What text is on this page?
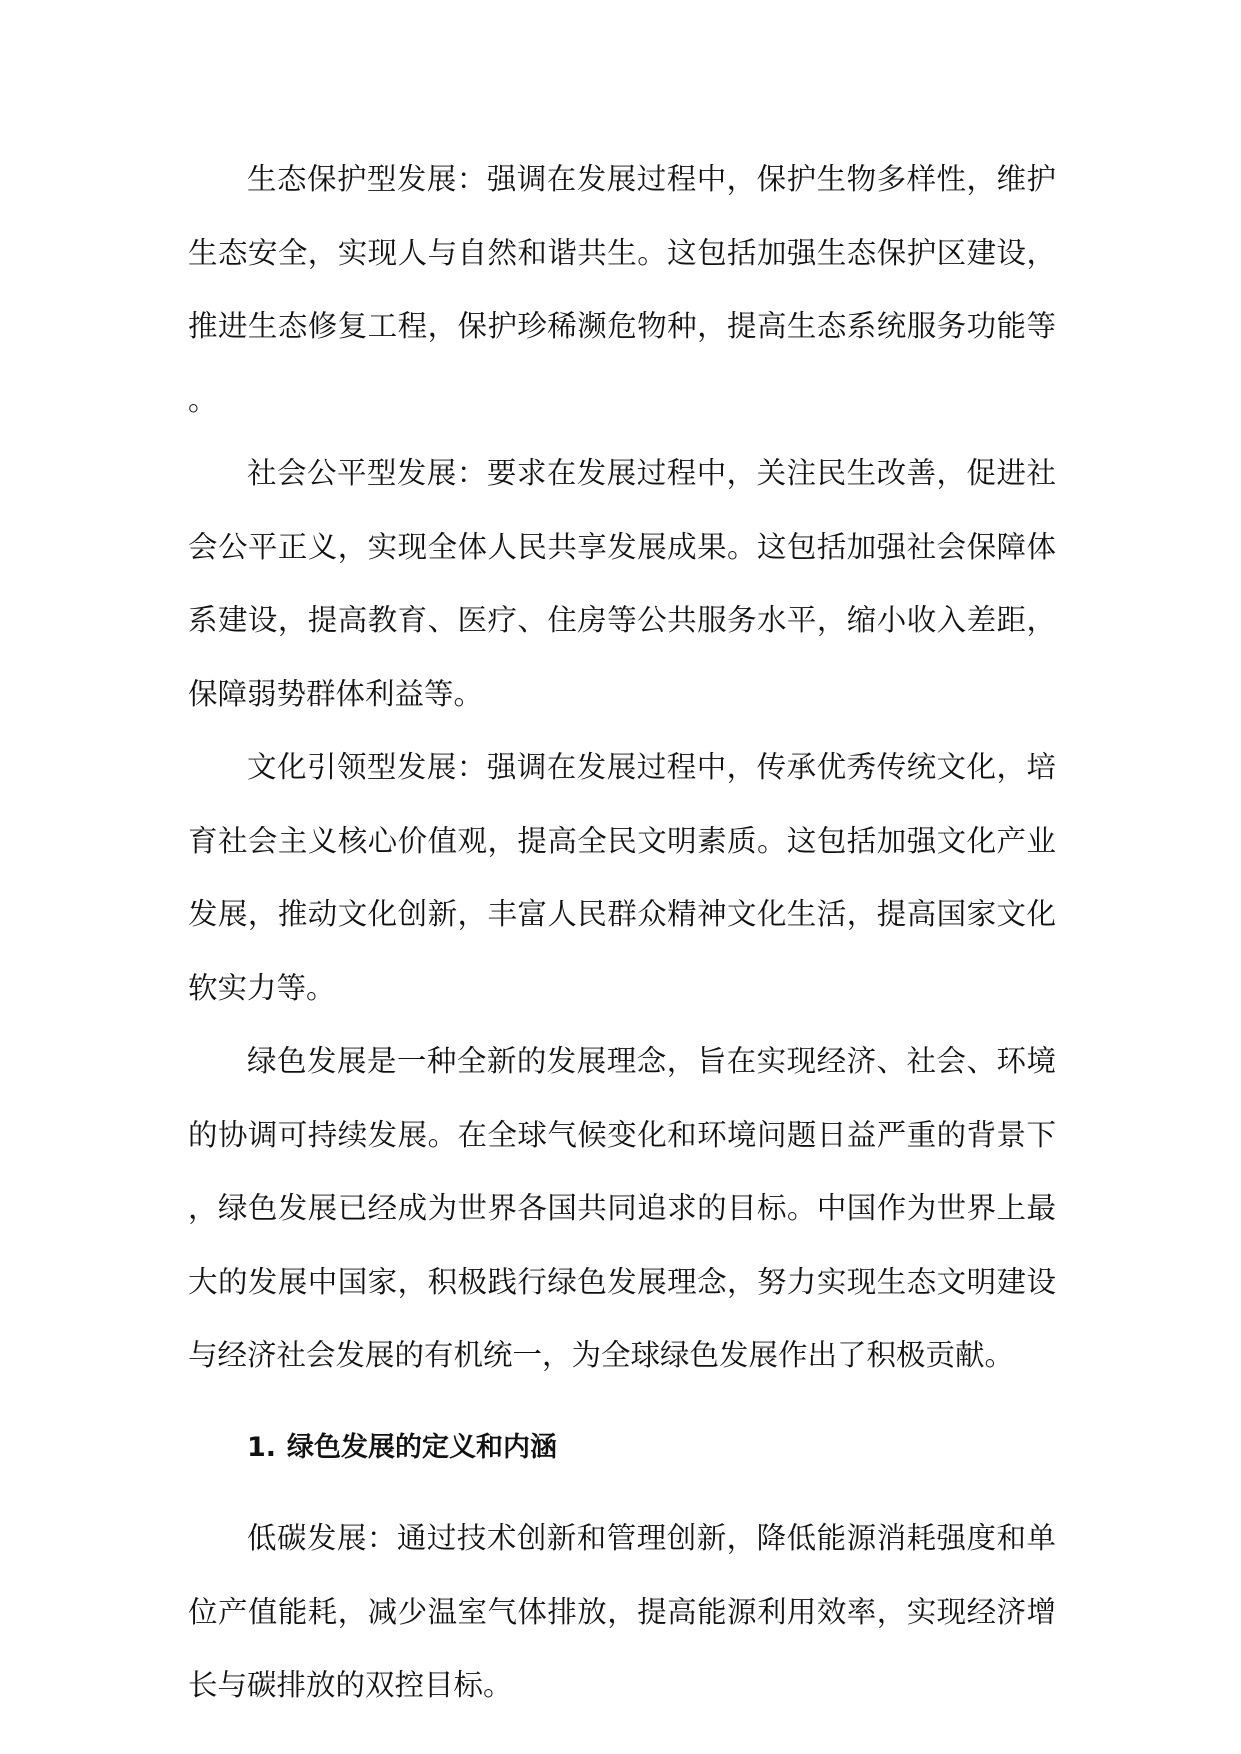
生态保护型发展：强调在发展过程中，保护生物多样性，维护生态安全，实现人与自然和谐共生。这包括加强生态保护区建设，推进生态修复工程，保护珍稀濒危物种，提高生态系统服务功能等。

社会公平型发展：要求在发展过程中，关注民生改善，促进社会公平正义，实现全体人民共享发展成果。这包括加强社会保障体系建设，提高教育、医疗、住房等公共服务水平，缩小收入差距，保障弱势群体利益等。

文化引领型发展：强调在发展过程中，传承优秀传统文化，培育社会主义核心价值观，提高全民文明素质。这包括加强文化产业发展，推动文化创新，丰富人民群众精神文化生活，提高国家文化软实力等。

绿色发展是一种全新的发展理念，旨在实现经济、社会、环境的协调可持续发展。在全球气候变化和环境问题日益严重的背景下，绿色发展已经成为世界各国共同追求的目标。中国作为世界上最大的发展中国家，积极践行绿色发展理念，努力实现生态文明建设与经济社会发展的有机统一，为全球绿色发展作出了积极贡献。

1. 绿色发展的定义和内涵

低碳发展：通过技术创新和管理创新，降低能源消耗强度和单位产值能耗，减少温室气体排放，提高能源利用效率，实现经济增长与碳排放的双控目标。
